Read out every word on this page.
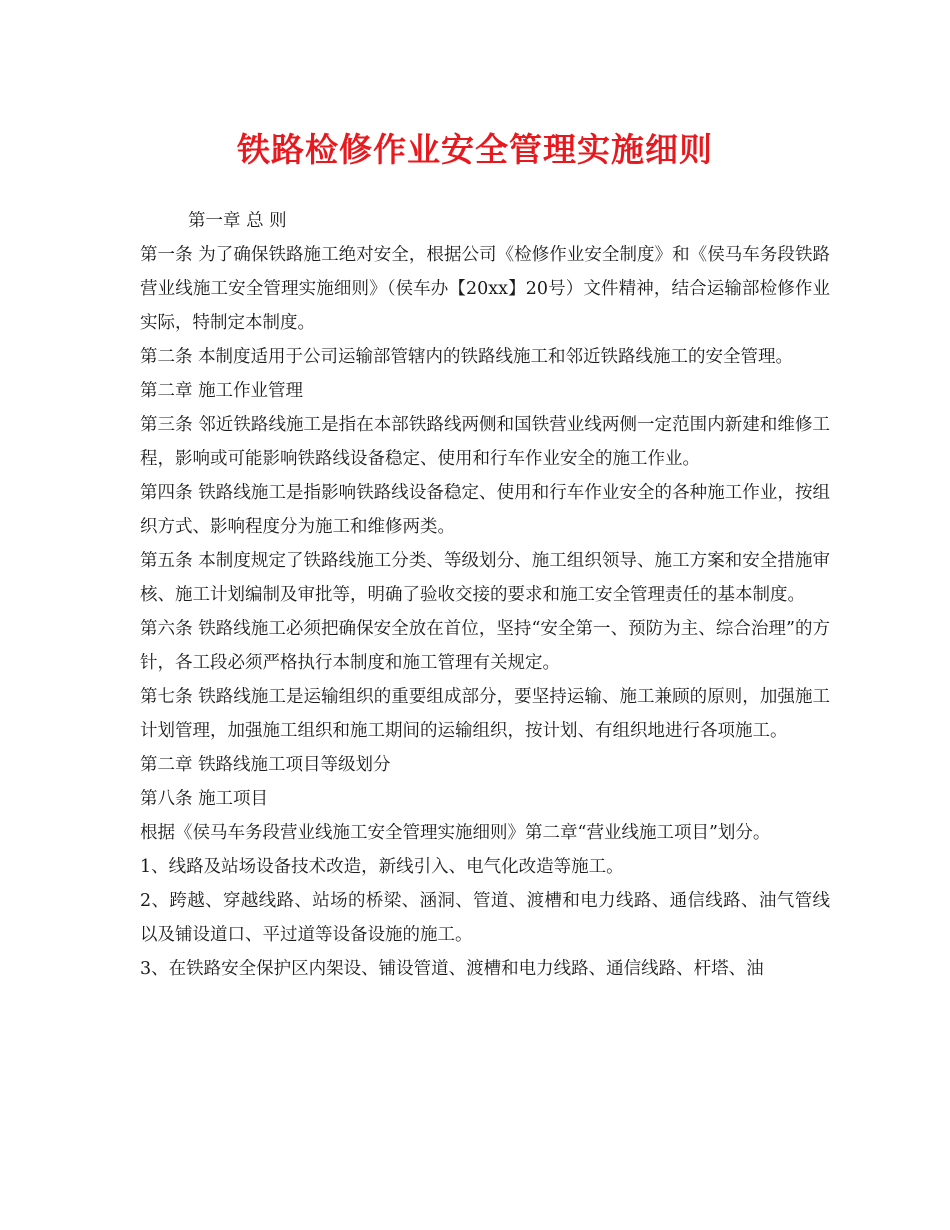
铁路检修作业安全管理实施细则

第一章 总 则

第一条 为了确保铁路施工绝对安全，根据公司《检修作业安全制度》和《侯马车务段铁路营业线施工安全管理实施细则》（侯车办【20xx】20号）文件精神，结合运输部检修作业实际，特制定本制度。

第二条 本制度适用于公司运输部管辖内的铁路线施工和邻近铁路线施工的安全管理。

第二章 施工作业管理

第三条 邻近铁路线施工是指在本部铁路线两侧和国铁营业线两侧一定范围内新建和维修工程，影响或可能影响铁路线设备稳定、使用和行车作业安全的施工作业。

第四条 铁路线施工是指影响铁路线设备稳定、使用和行车作业安全的各种施工作业，按组织方式、影响程度分为施工和维修两类。

第五条 本制度规定了铁路线施工分类、等级划分、施工组织领导、施工方案和安全措施审核、施工计划编制及审批等，明确了验收交接的要求和施工安全管理责任的基本制度。

第六条 铁路线施工必须把确保安全放在首位，坚持“安全第一、预防为主、综合治理”的方针，各工段必须严格执行本制度和施工管理有关规定。

第七条 铁路线施工是运输组织的重要组成部分，要坚持运输、施工兼顾的原则，加强施工计划管理，加强施工组织和施工期间的运输组织，按计划、有组织地进行各项施工。

第二章 铁路线施工项目等级划分

第八条 施工项目

根据《侯马车务段营业线施工安全管理实施细则》第二章“营业线施工项目”划分。

1、线路及站场设备技术改造，新线引入、电气化改造等施工。

2、跨越、穿越线路、站场的桥梁、涵洞、管道、渡槽和电力线路、通信线路、油气管线以及铺设道口、平过道等设备设施的施工。

3、在铁路安全保护区内架设、铺设管道、渡槽和电力线路、通信线路、杆塔、油
